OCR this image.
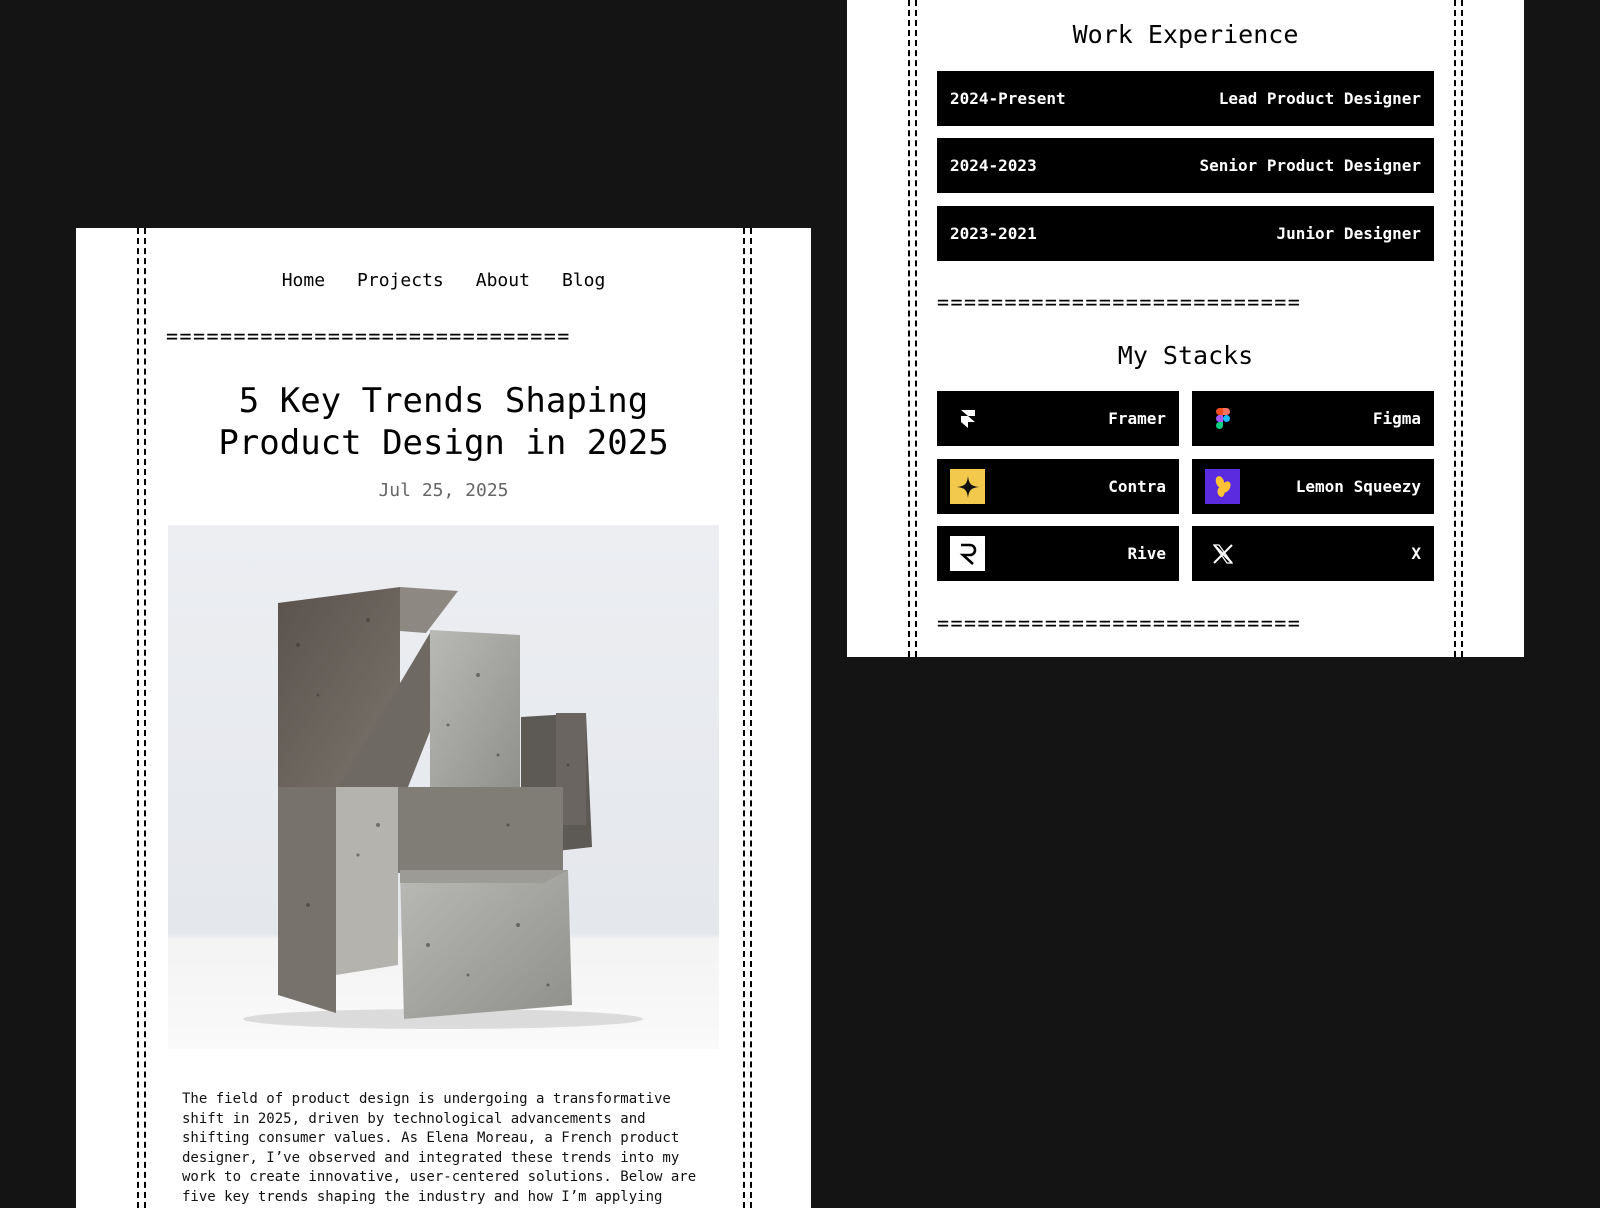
Home Projects About Blog
==============================
5 Key Trends Shaping Product Design in 2025
Jul 25, 2025

The field of product design is undergoing a transformative shift in 2025, driven by technological advancements and shifting consumer values. As Elena Moreau, a French product designer, I’ve observed and integrated these trends into my work to create innovative, user-centered solutions. Below are five key trends shaping the industry and how I’m applying

Work Experience
2024-Present	Lead Product Designer
2024-2023	Senior Product Designer
2023-2021	Junior Designer
===========================
My Stacks
Framer	Figma
Contra	Lemon Squeezy
Rive	X
===========================
